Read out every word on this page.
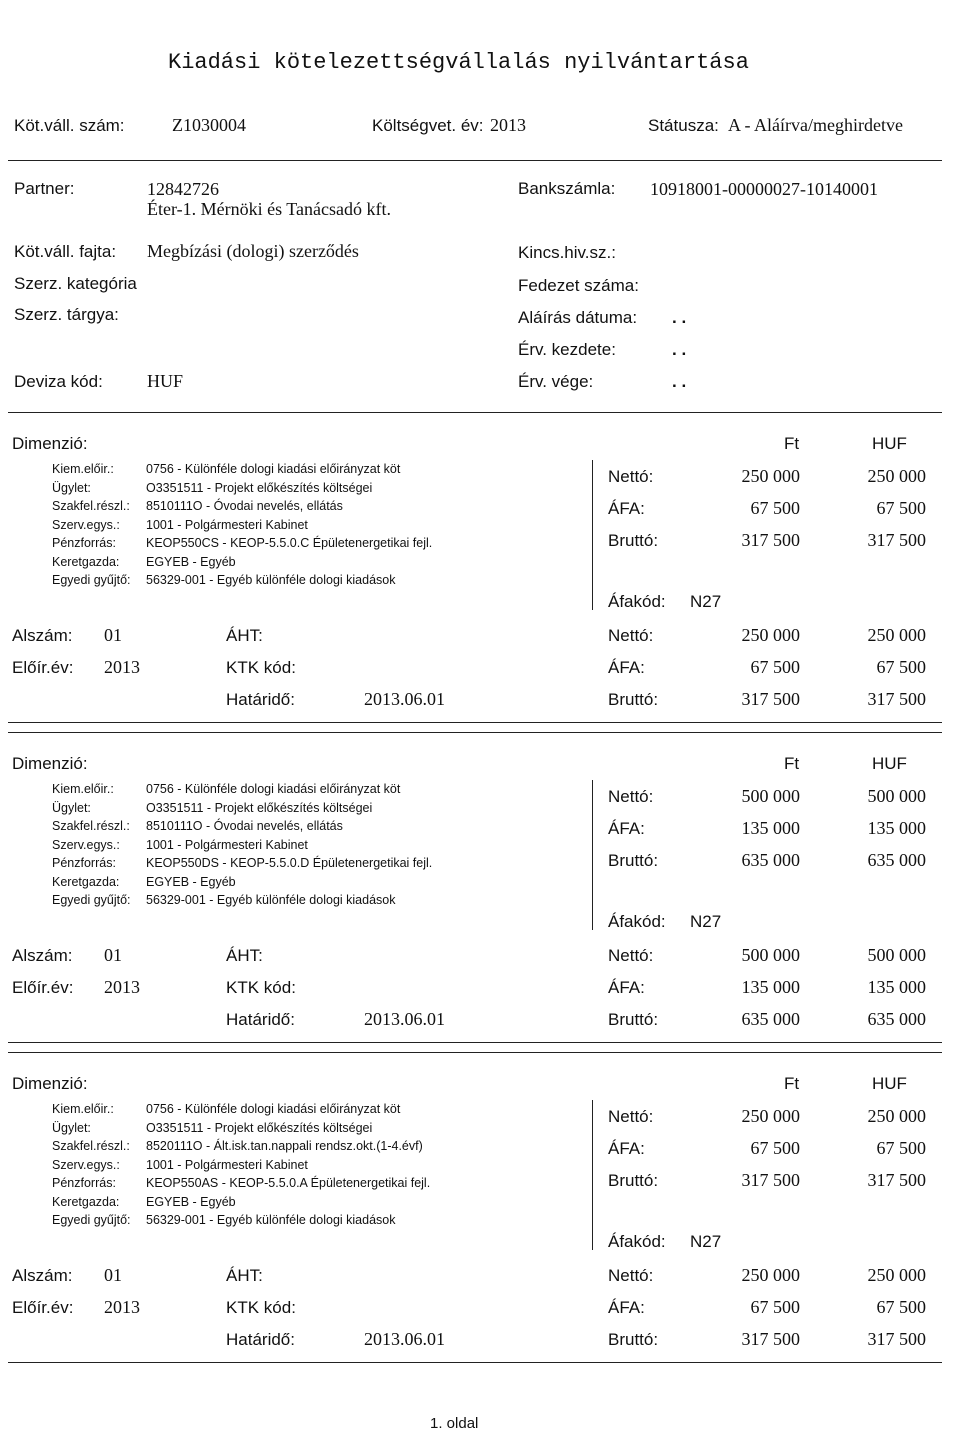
Kiadási kötelezettségvállalás nyilvántartása
Köt.váll. szám:	Z1030004	Költségvet. év: 2013	Státusza: A - Aláírva/meghirdetve
Partner:	12842726
Éter-1. Mérnöki és Tanácsadó kft.
Bankszámla: 10918001-00000027-10140001
Köt.váll. fajta: Megbízási (dologi) szerződés	Kincs.hiv.sz.:
Szerz. kategória	Fedezet száma:
Szerz. tárgya:	Aláírás dátuma: . .
Érv. kezdete:	. .
Deviza kód: HUF	Érv. vége:	. .
Dimenzió:	Ft	HUF
Kiem.előir.:	0756 - Különféle dologi kiadási előirányzat köt
Ügylet:	O3351511 - Projekt előkészítés költségei
Szakfel.részl.: 8510111O - Óvodai nevelés, ellátás
Szerv.egys.: 1001 - Polgármesteri Kabinet
Pénzforrás: KEOP550CS - KEOP-5.5.0.C Épületenergetikai fejl.
Keretgazda: EGYEB - Egyéb
Egyedi gyűjtő: 56329-001 - Egyéb különféle dologi kiadások
Nettó:	250 000	250 000
ÁFA:	67 500	67 500
Bruttó:	317 500	317 500
Áfakód: N27
Alszám: 01	ÁHT:	Nettó:	250 000	250 000
Előír.év: 2013	KTK kód:	ÁFA:	67 500	67 500
Határidő:	2013.06.01	Bruttó:	317 500	317 500
Dimenzió:	Ft	HUF
Kiem.előir.:	0756 - Különféle dologi kiadási előirányzat köt
Ügylet:	O3351511 - Projekt előkészítés költségei
Szakfel.részl.: 8510111O - Óvodai nevelés, ellátás
Szerv.egys.: 1001 - Polgármesteri Kabinet
Pénzforrás: KEOP550DS - KEOP-5.5.0.D Épületenergetikai fejl.
Keretgazda: EGYEB - Egyéb
Egyedi gyűjtő: 56329-001 - Egyéb különféle dologi kiadások
Nettó:	500 000	500 000
ÁFA:	135 000	135 000
Bruttó:	635 000	635 000
Áfakód: N27
Alszám: 01	ÁHT:	Nettó:	500 000	500 000
Előír.év: 2013	KTK kód:	ÁFA:	135 000	135 000
Határidő:	2013.06.01	Bruttó:	635 000	635 000
Dimenzió:	Ft	HUF
Kiem.előir.:	0756 - Különféle dologi kiadási előirányzat köt
Ügylet:	O3351511 - Projekt előkészítés költségei
Szakfel.részl.: 8520111O - Ált.isk.tan.nappali rendsz.okt.(1-4.évf)
Szerv.egys.: 1001 - Polgármesteri Kabinet
Pénzforrás: KEOP550AS - KEOP-5.5.0.A Épületenergetikai fejl.
Keretgazda: EGYEB - Egyéb
Egyedi gyűjtő: 56329-001 - Egyéb különféle dologi kiadások
Nettó:	250 000	250 000
ÁFA:	67 500	67 500
Bruttó:	317 500	317 500
Áfakód: N27
Alszám: 01	ÁHT:	Nettó:	250 000	250 000
Előír.év: 2013	KTK kód:	ÁFA:	67 500	67 500
Határidő:	2013.06.01	Bruttó:	317 500	317 500
1. oldal
